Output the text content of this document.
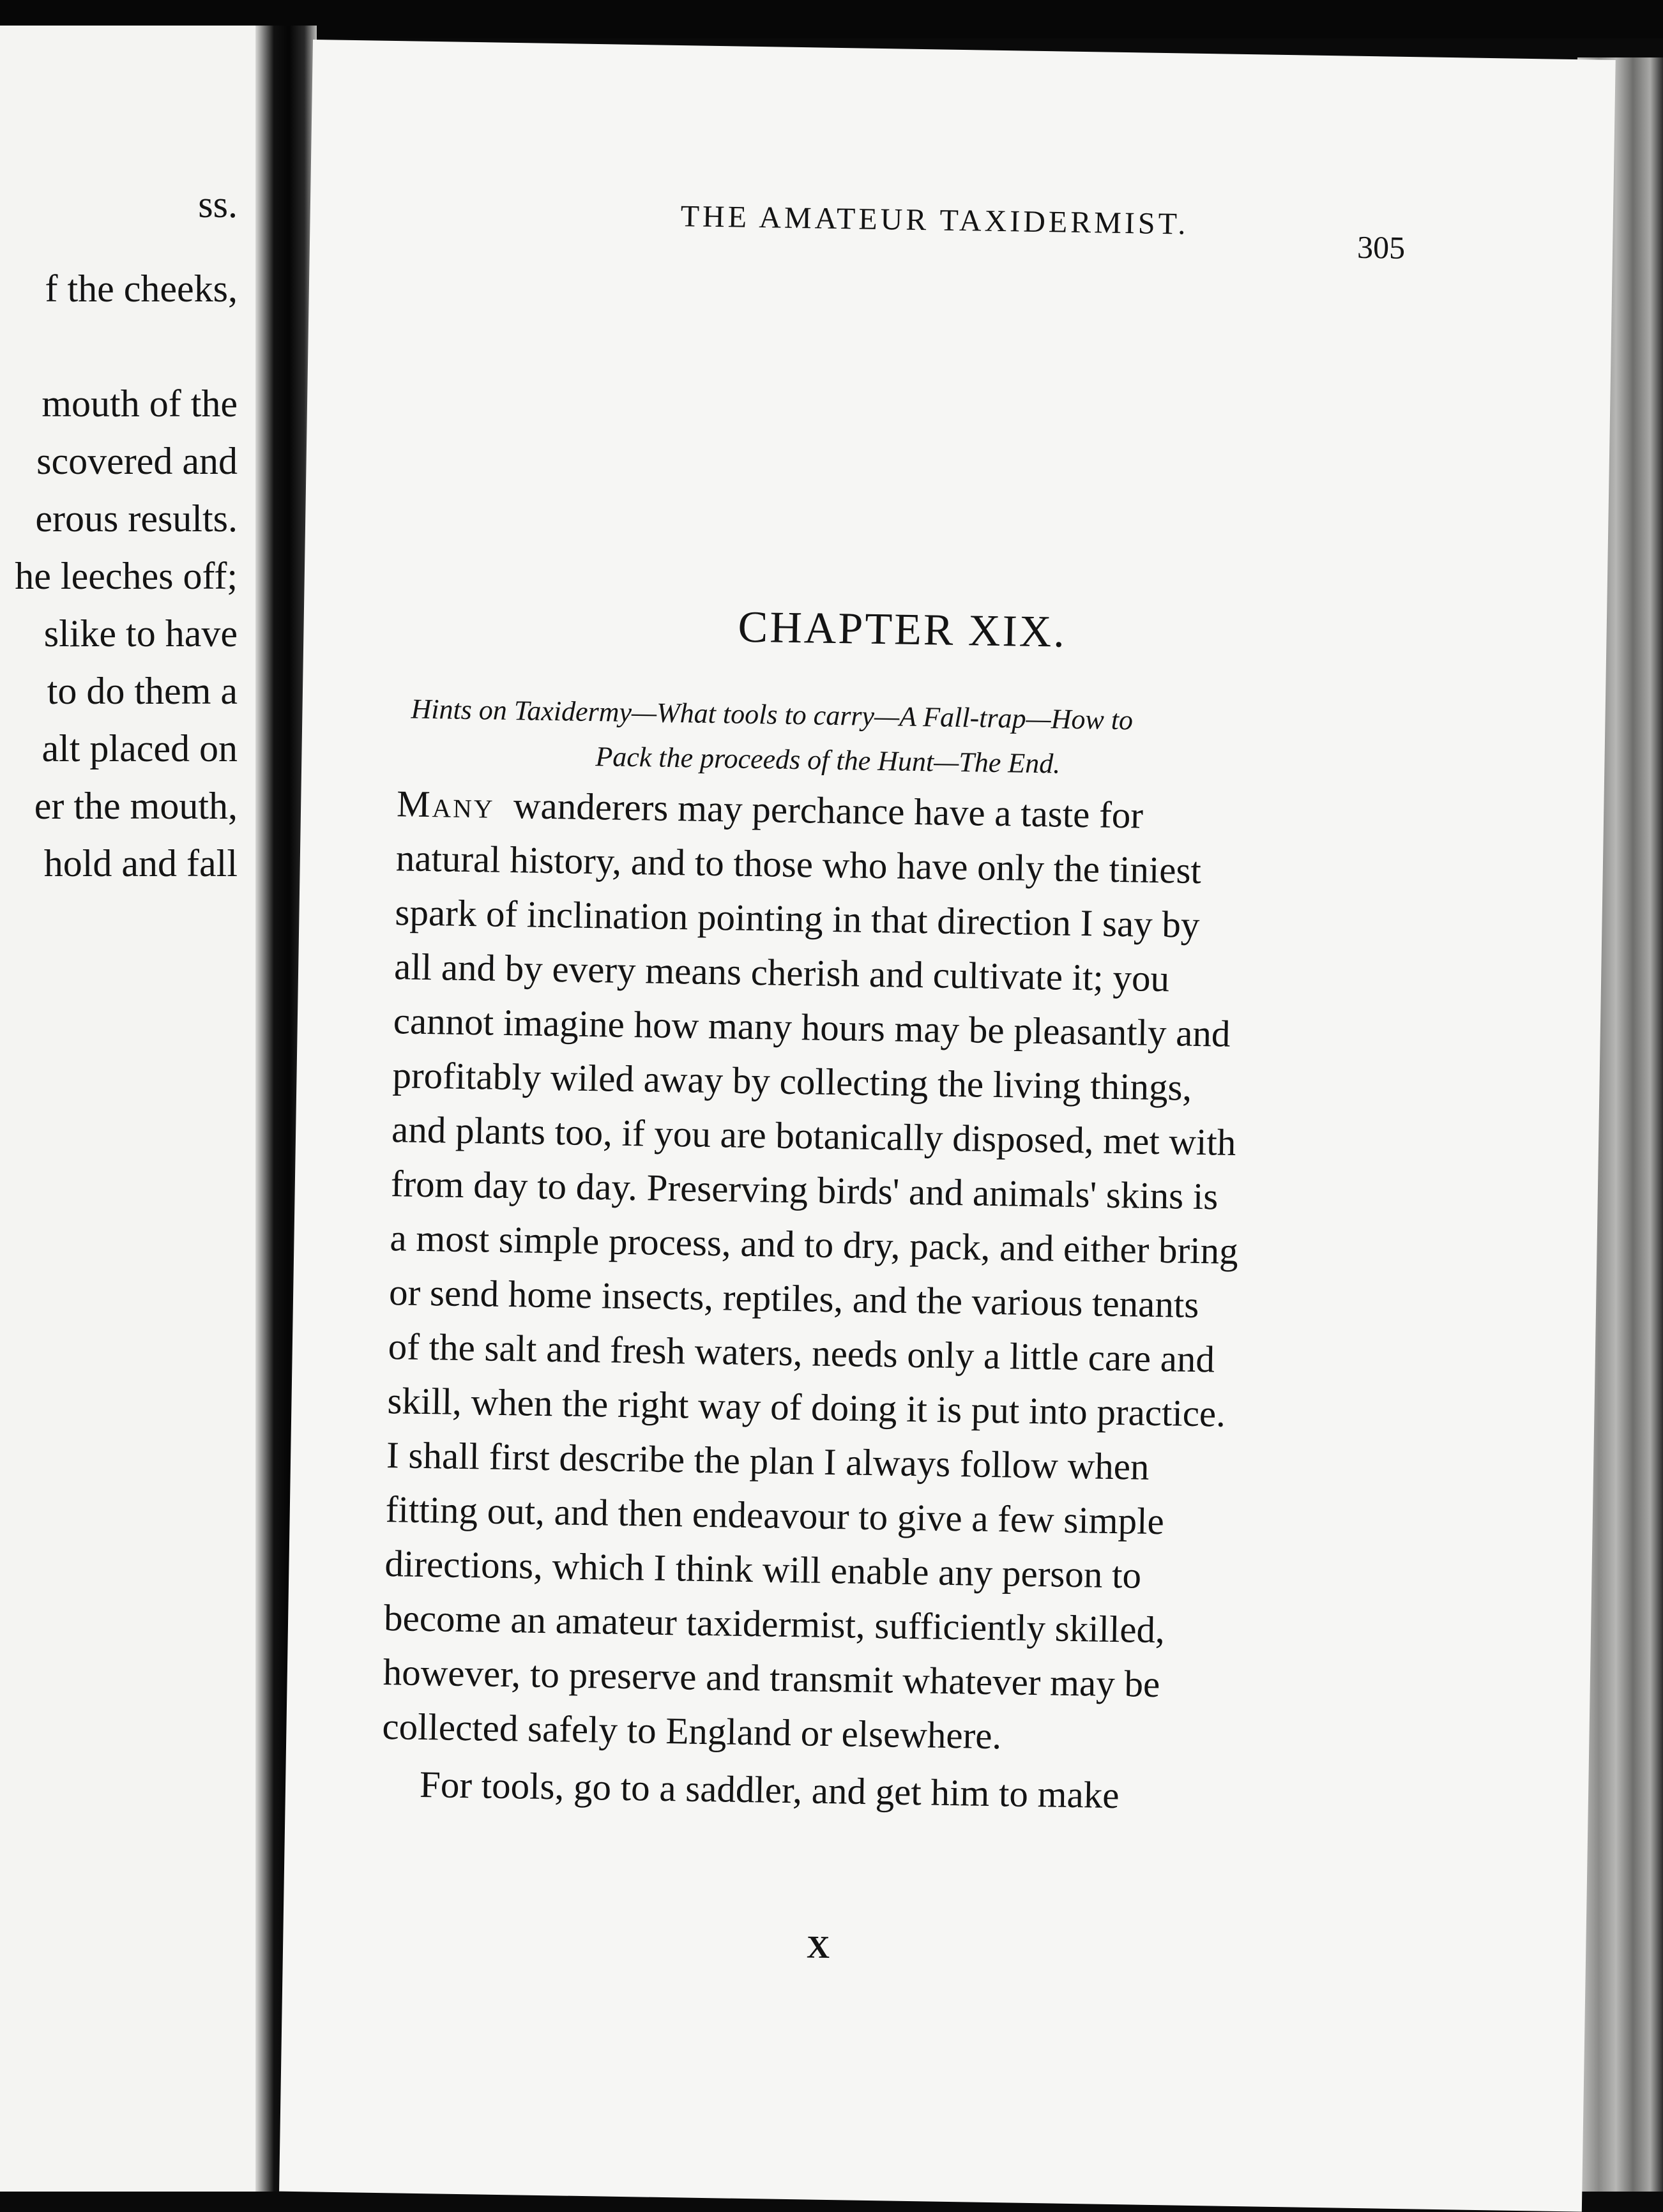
ss.
f the cheeks,
mouth of the
scovered and
erous results.
he leeches off;
slike to have
to do them a
alt placed on
er the mouth,
hold and fall
THE AMATEUR TAXIDERMIST.
305
CHAPTER XIX.
Hints on Taxidermy—What tools to carry—A Fall-trap—How to
Pack the proceeds of the Hunt—The End.
Many wanderers may perchance have a taste for
natural history, and to those who have only the tiniest
spark of inclination pointing in that direction I say by
all and by every means cherish and cultivate it; you
cannot imagine how many hours may be pleasantly and
profitably wiled away by collecting the living things,
and plants too, if you are botanically disposed, met with
from day to day. Preserving birds' and animals' skins is
a most simple process, and to dry, pack, and either bring
or send home insects, reptiles, and the various tenants
of the salt and fresh waters, needs only a little care and
skill, when the right way of doing it is put into practice.
I shall first describe the plan I always follow when
fitting out, and then endeavour to give a few simple
directions, which I think will enable any person to
become an amateur taxidermist, sufficiently skilled,
however, to preserve and transmit whatever may be
collected safely to England or elsewhere.
For tools, go to a saddler, and get him to make
X
